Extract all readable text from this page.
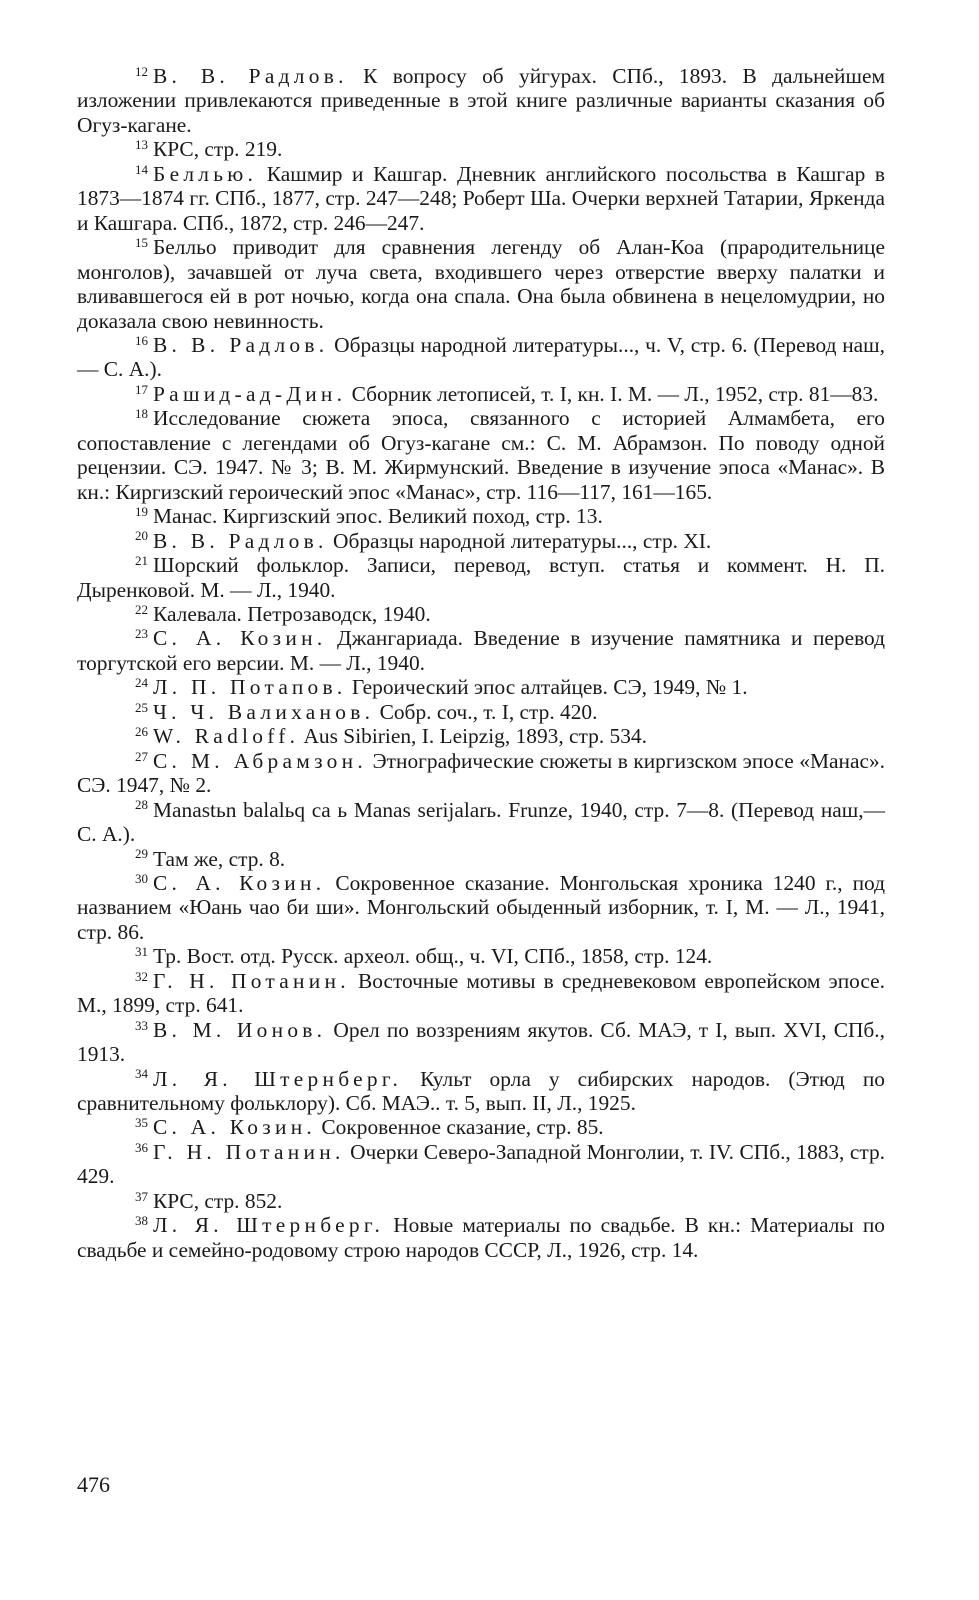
$^{12}$ В. В. Радлов. К вопросу об уйгурах. СПб., 1893. В дальнейшем изложении привлекаются приведенные в этой книге различные варианты сказания об Огуз-кагане.

$^{13}$ КРС, стр. 219.

$^{14}$ Беллью. Кашмир и Кашгар. Дневник английского посольства в Кашгар в 1873—1874 гг. СПб., 1877, стр. 247—248; Роберт Ша. Очерки верхней Татарии, Яркенда и Кашгара. СПб., 1872, стр. 246—247.

$^{15}$ Белльо приводит для сравнения легенду об Алан-Коа (прародительнице монголов), зачавшей от луча света, входившего через отверстие вверху палатки и вливавшегося ей в рот ночью, когда она спала. Она была обвинена в нецеломудрии, но доказала свою невинность.

$^{16}$ В. В. Радлов. Образцы народной литературы..., ч. V, стр. 6. (Перевод наш,— С. А.).

$^{17}$ Рашид-ад-Дин. Сборник летописей, т. I, кн. I. М. — Л., 1952, стр. 81—83.

$^{18}$ Исследование сюжета эпоса, связанного с историей Алмамбета, его сопоставление с легендами об Огуз-кагане см.: С. М. Абрамзон. По поводу одной рецензии. СЭ. 1947. № 3; В. М. Жирмунский. Введение в изучение эпоса «Манас». В кн.: Киргизский героический эпос «Манас», стр. 116—117, 161—165.

$^{19}$ Манас. Киргизский эпос. Великий поход, стр. 13.

$^{20}$ В. В. Радлов. Образцы народной литературы..., стр. XI.

$^{21}$ Шорский фольклор. Записи, перевод, вступ. статья и коммент. Н. П. Дыренковой. М. — Л., 1940.

$^{22}$ Калевала. Петрозаводск, 1940.

$^{23}$ С. А. Козин. Джангариада. Введение в изучение памятника и перевод торгутской его версии. М. — Л., 1940.

$^{24}$ Л. П. Потапов. Героический эпос алтайцев. СЭ, 1949, № 1.

$^{25}$ Ч. Ч. Валиханов. Собр. соч., т. I, стр. 420.

$^{26}$ W. Radloff. Aus Sibirien, I. Leipzig, 1893, стр. 534.

$^{27}$ С. М. Абрамзон. Этнографические сюжеты в киргизском эпосе «Манас». СЭ. 1947, № 2.

$^{28}$ Manastьn balalьq ca ь Manas serijalarь. Frunze, 1940, стр. 7—8. (Перевод наш,— С. А.).

$^{29}$ Там же, стр. 8.

$^{30}$ С. А. Козин. Сокровенное сказание. Монгольская хроника 1240 г., под названием «Юань чао би ши». Монгольский обыденный изборник, т. I, М. — Л., 1941, стр. 86.

$^{31}$ Тр. Вост. отд. Русск. археол. общ., ч. VI, СПб., 1858, стр. 124.

$^{32}$ Г. Н. Потанин. Восточные мотивы в средневековом европейском эпосе. М., 1899, стр. 641.

$^{33}$ В. М. Ионов. Орел по воззрениям якутов. Сб. МАЭ, т I, вып. XVI, СПб., 1913.

$^{34}$ Л. Я. Штернберг. Культ орла у сибирских народов. (Этюд по сравнительному фольклору). Сб. МАЭ.. т. 5, вып. II, Л., 1925.

$^{35}$ С. А. Козин. Сокровенное сказание, стр. 85.

$^{36}$ Г. Н. Потанин. Очерки Северо-Западной Монголии, т. IV. СПб., 1883, стр. 429.

$^{37}$ КРС, стр. 852.

$^{38}$ Л. Я. Штернберг. Новые материалы по свадьбе. В кн.: Материалы по свадьбе и семейно-родовому строю народов СССР, Л., 1926, стр. 14.

476
